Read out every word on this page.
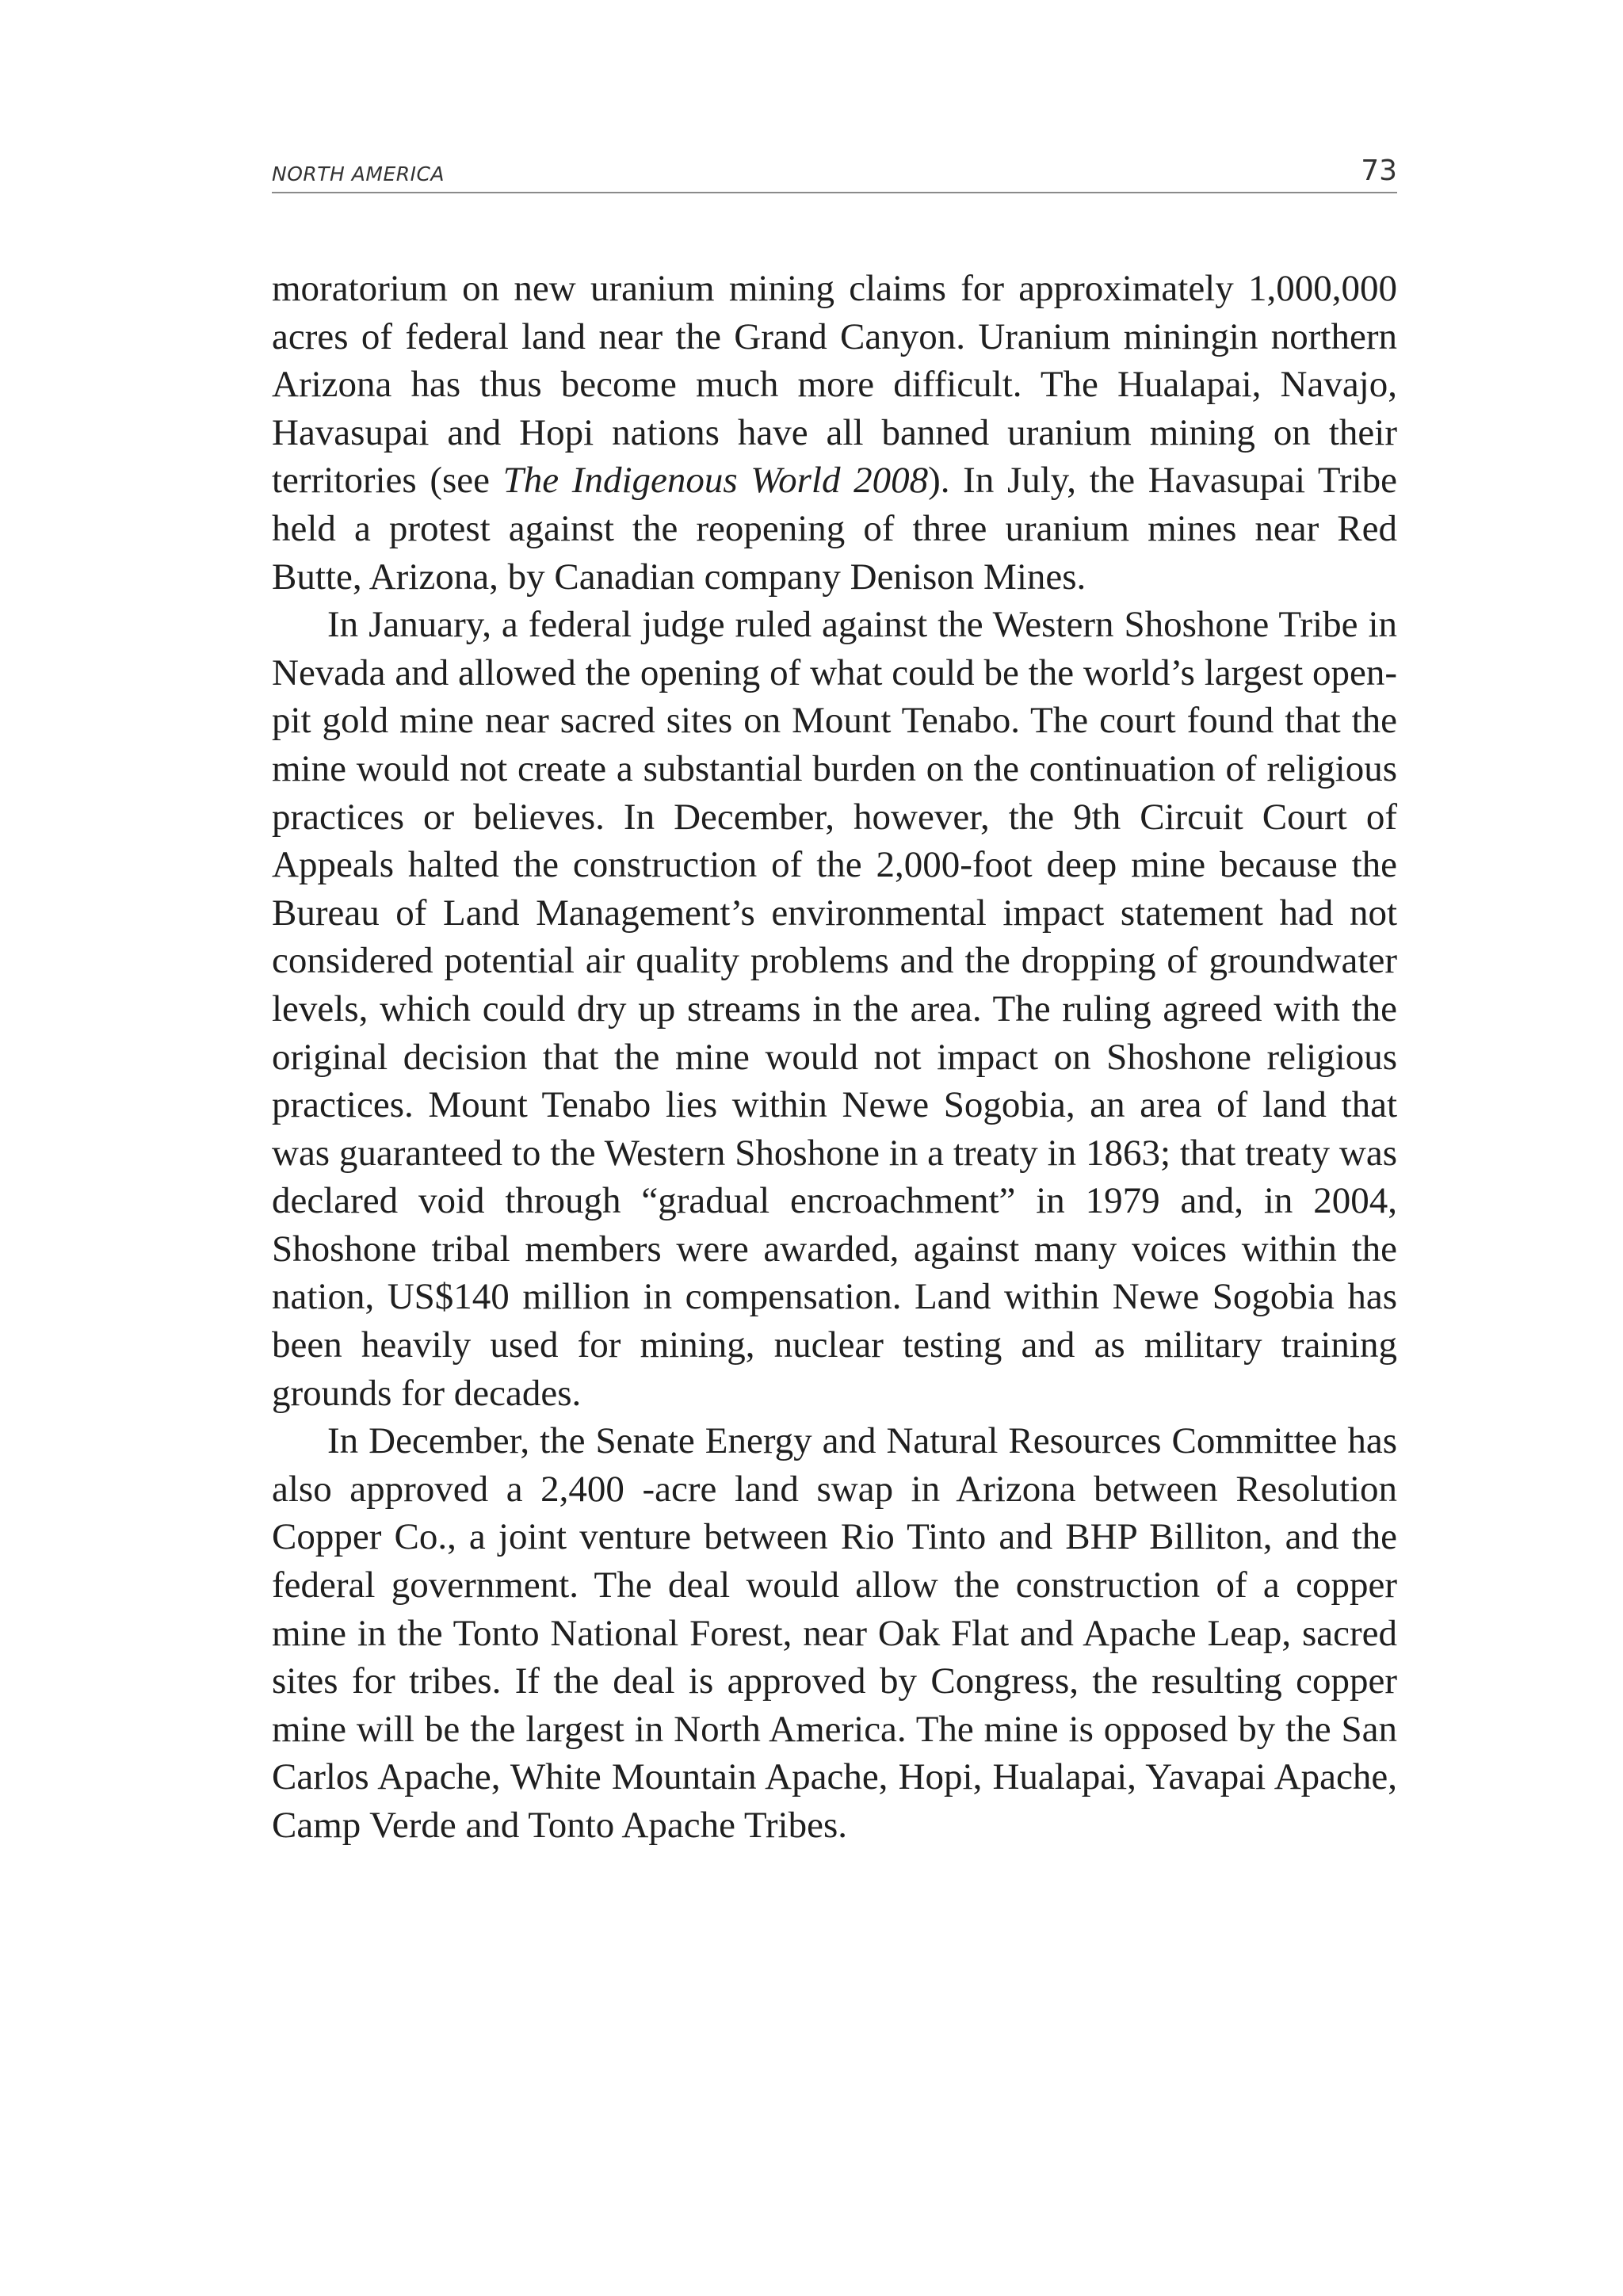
NORTH AMERICA	73

moratorium on new uranium mining claims for approximately 1,000,000 acres of federal land near the Grand Canyon. Uranium miningin northern Arizona has thus become much more difficult. The Hualapai, Navajo, Havasupai and Hopi nations have all banned uranium mining on their territories (see The Indigenous World 2008). In July, the Havasupai Tribe held a protest against the reopening of three uranium mines near Red Butte, Arizona, by Canadian company Denison Mines.

In January, a federal judge ruled against the Western Shoshone Tribe in Nevada and allowed the opening of what could be the world’s largest open-pit gold mine near sacred sites on Mount Tenabo. The court found that the mine would not create a substantial burden on the continuation of religious practices or believes. In December, however, the 9th Circuit Court of Appeals halted the construction of the 2,000-foot deep mine because the Bureau of Land Management’s environmental impact statement had not considered potential air quality problems and the dropping of groundwater levels, which could dry up streams in the area. The ruling agreed with the original decision that the mine would not impact on Shoshone religious practices. Mount Tenabo lies within Newe Sogobia, an area of land that was guaranteed to the Western Shoshone in a treaty in 1863; that treaty was declared void through “gradual encroachment” in 1979 and, in 2004, Shoshone tribal members were awarded, against many voices within the nation, US$140 million in compensation. Land within Newe Sogobia has been heavily used for mining, nuclear testing and as military training grounds for decades.

In December, the Senate Energy and Natural Resources Committee has also approved a 2,400 -acre land swap in Arizona between Resolution Copper Co., a joint venture between Rio Tinto and BHP Billiton, and the federal government. The deal would allow the construction of a copper mine in the Tonto National Forest, near Oak Flat and Apache Leap, sacred sites for tribes. If the deal is approved by Congress, the resulting copper mine will be the largest in North America. The mine is opposed by the San Carlos Apache, White Mountain Apache, Hopi, Hualapai, Yavapai Apache, Camp Verde and Tonto Apache Tribes.
